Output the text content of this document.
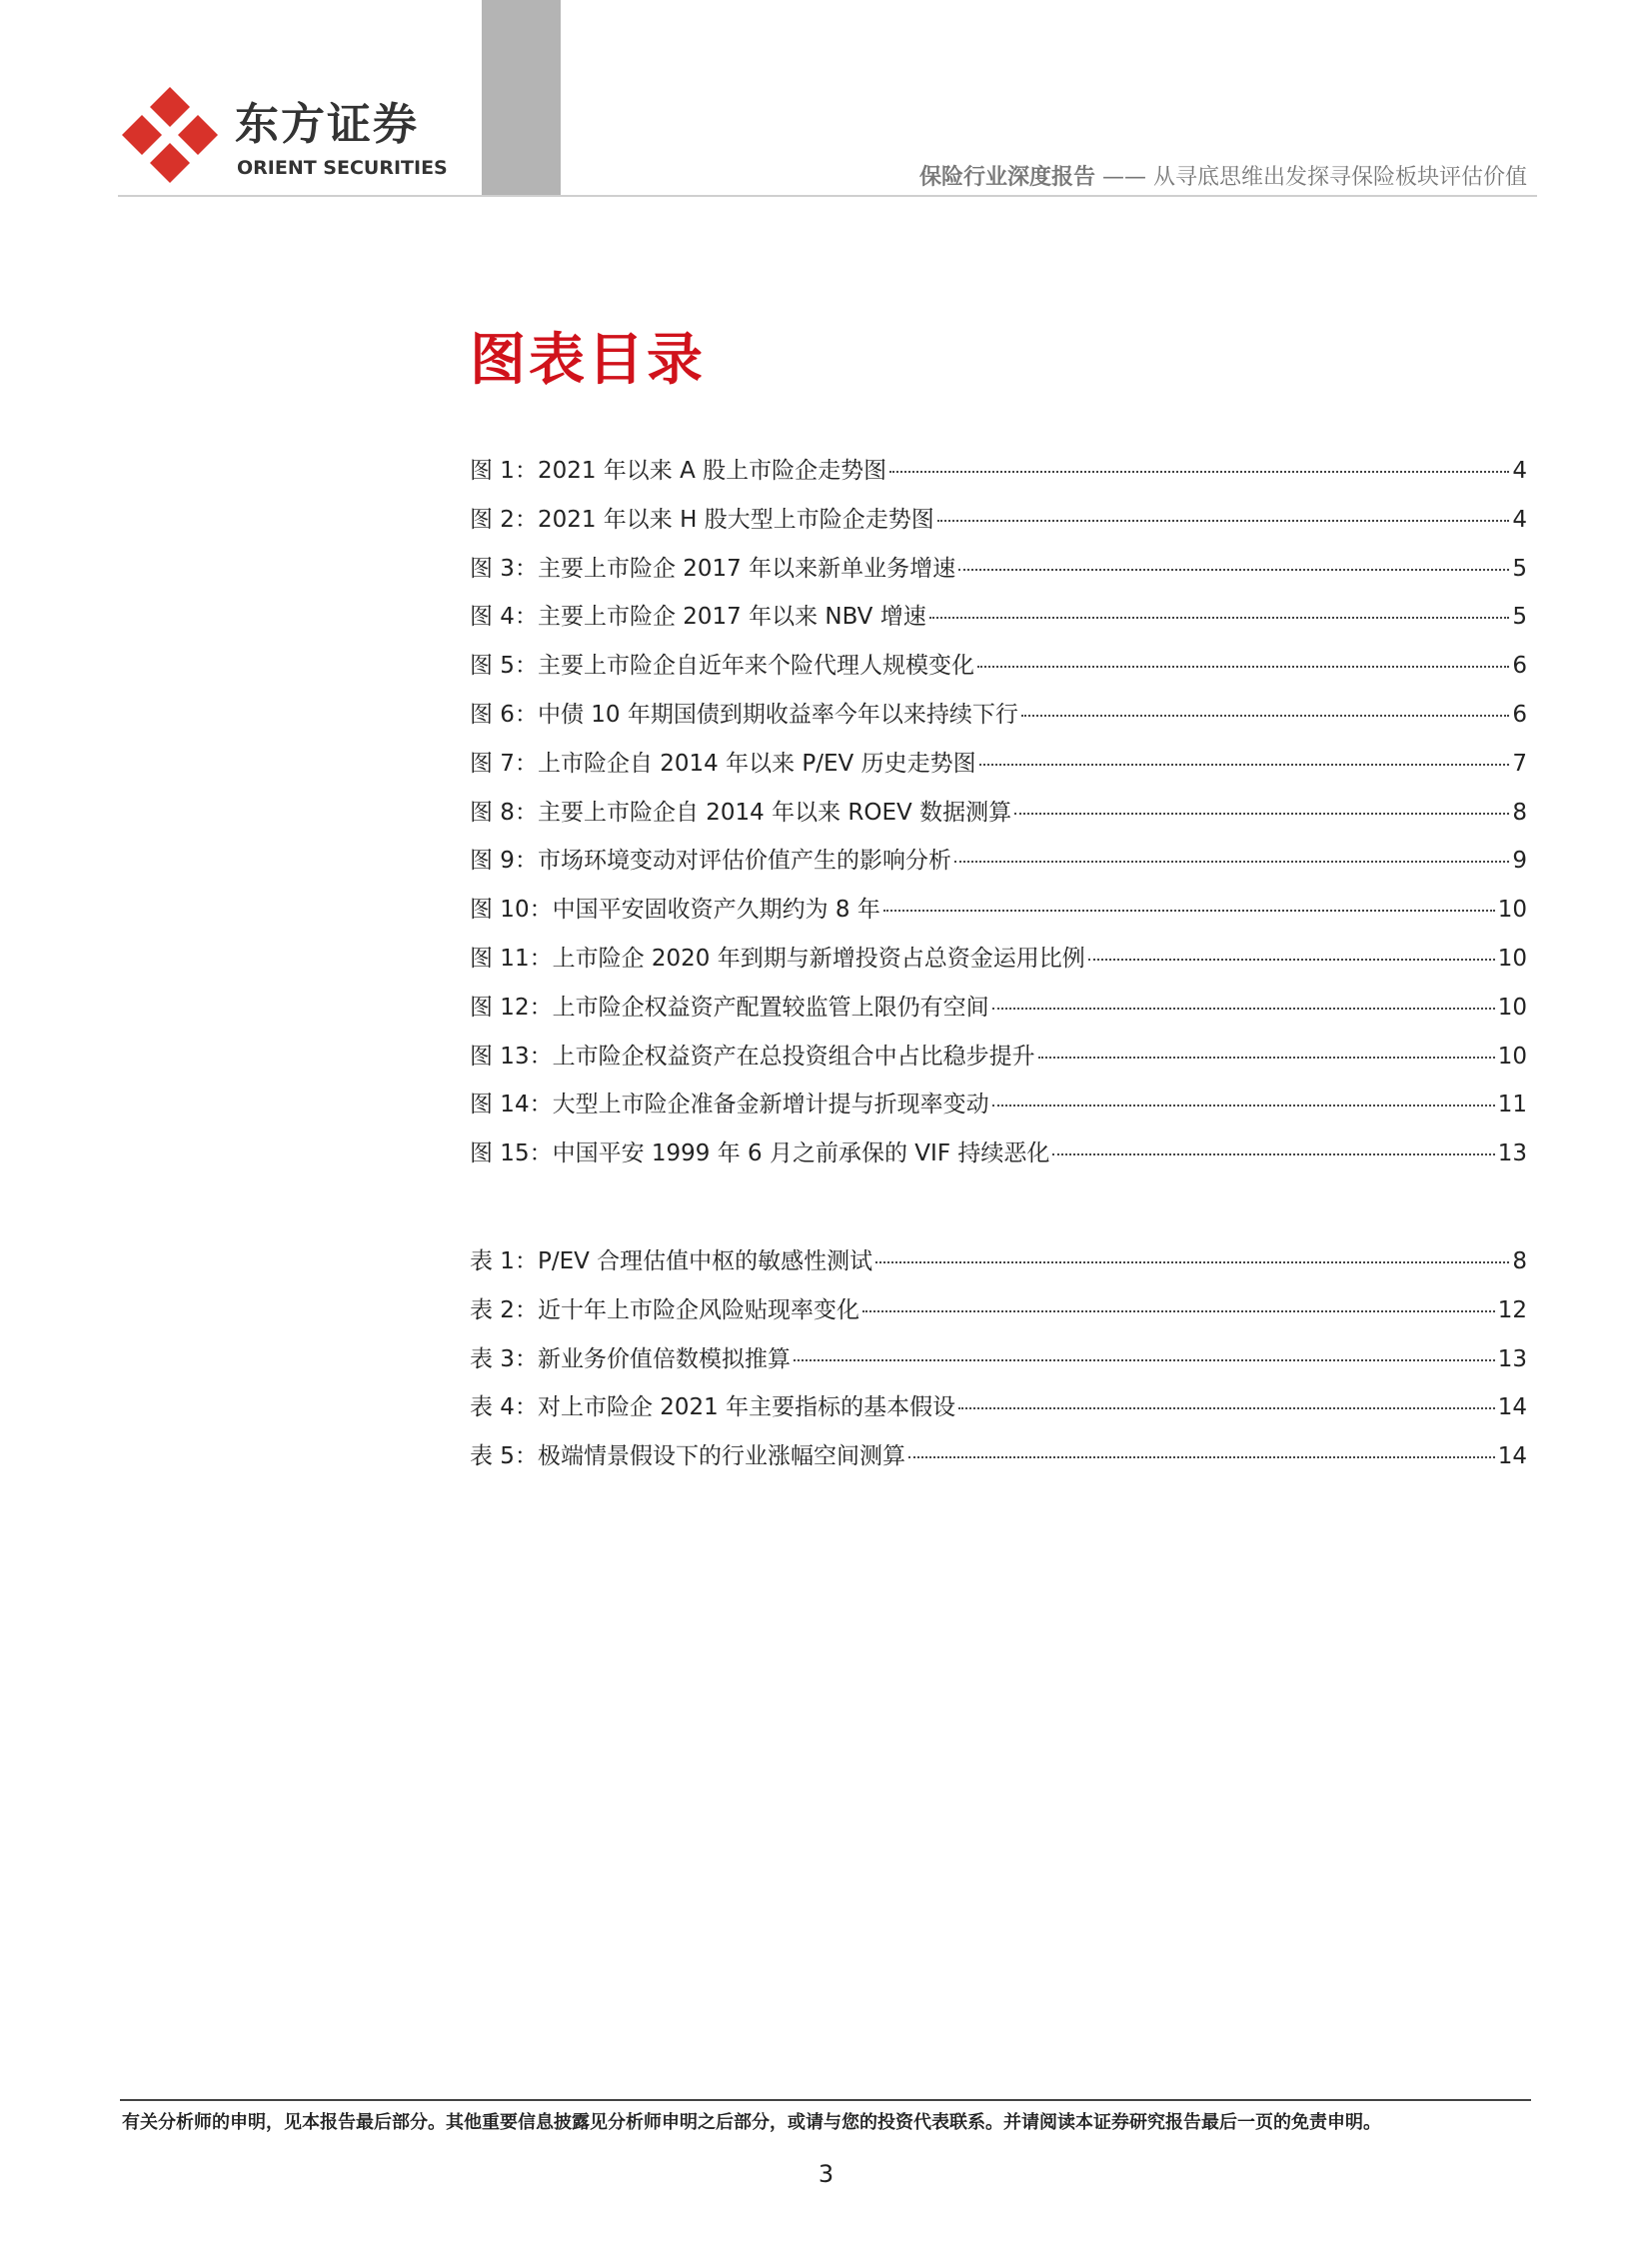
东方证券
ORIENT SECURITIES	保险行业深度报告 —— 从寻底思维出发探寻保险板块评估价值
图表目录
图 1：2021 年以来 A 股上市险企走势图	4
图 2：2021 年以来 H 股大型上市险企走势图	4
图 3：主要上市险企 2017 年以来新单业务增速	5
图 4：主要上市险企 2017 年以来 NBV 增速	5
图 5：主要上市险企自近年来个险代理人规模变化	6
图 6：中债 10 年期国债到期收益率今年以来持续下行	6
图 7：上市险企自 2014 年以来 P/EV 历史走势图	7
图 8：主要上市险企自 2014 年以来 ROEV 数据测算	8
图 9：市场环境变动对评估价值产生的影响分析	9
图 10：中国平安固收资产久期约为 8 年	10
图 11：上市险企 2020 年到期与新增投资占总资金运用比例	10
图 12：上市险企权益资产配置较监管上限仍有空间	10
图 13：上市险企权益资产在总投资组合中占比稳步提升	10
图 14：大型上市险企准备金新增计提与折现率变动	11
图 15：中国平安 1999 年 6 月之前承保的 VIF 持续恶化	13
表 1：P/EV 合理估值中枢的敏感性测试	8
表 2：近十年上市险企风险贴现率变化	12
表 3：新业务价值倍数模拟推算	13
表 4：对上市险企 2021 年主要指标的基本假设	14
表 5：极端情景假设下的行业涨幅空间测算	14
有关分析师的申明，见本报告最后部分。其他重要信息披露见分析师申明之后部分，或请与您的投资代表联系。并请阅读本证券研究报告最后一页的免责申明。
3
